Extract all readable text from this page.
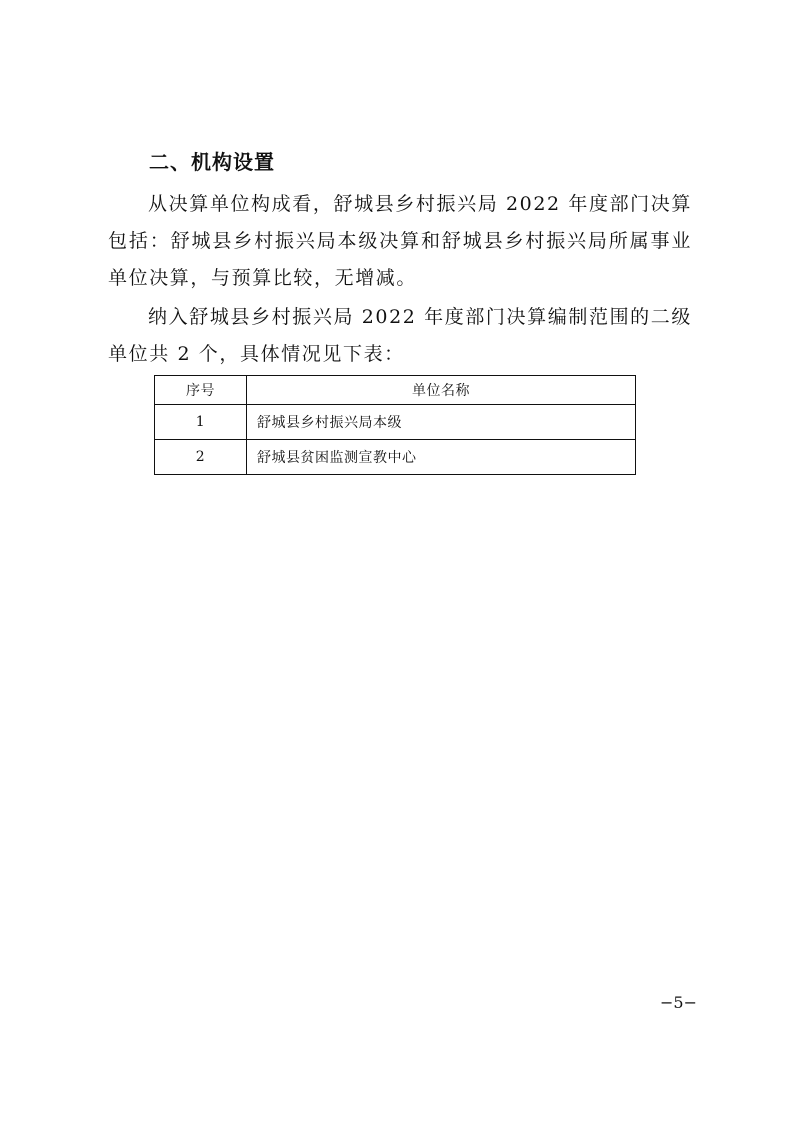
二、机构设置

从决算单位构成看，舒城县乡村振兴局 2022 年度部门决算包括：舒城县乡村振兴局本级决算和舒城县乡村振兴局所属事业单位决算，与预算比较，无增减。

纳入舒城县乡村振兴局 2022 年度部门决算编制范围的二级单位共 2 个，具体情况见下表：

序号	单位名称
1	舒城县乡村振兴局本级
2	舒城县贫困监测宣教中心
−5−
